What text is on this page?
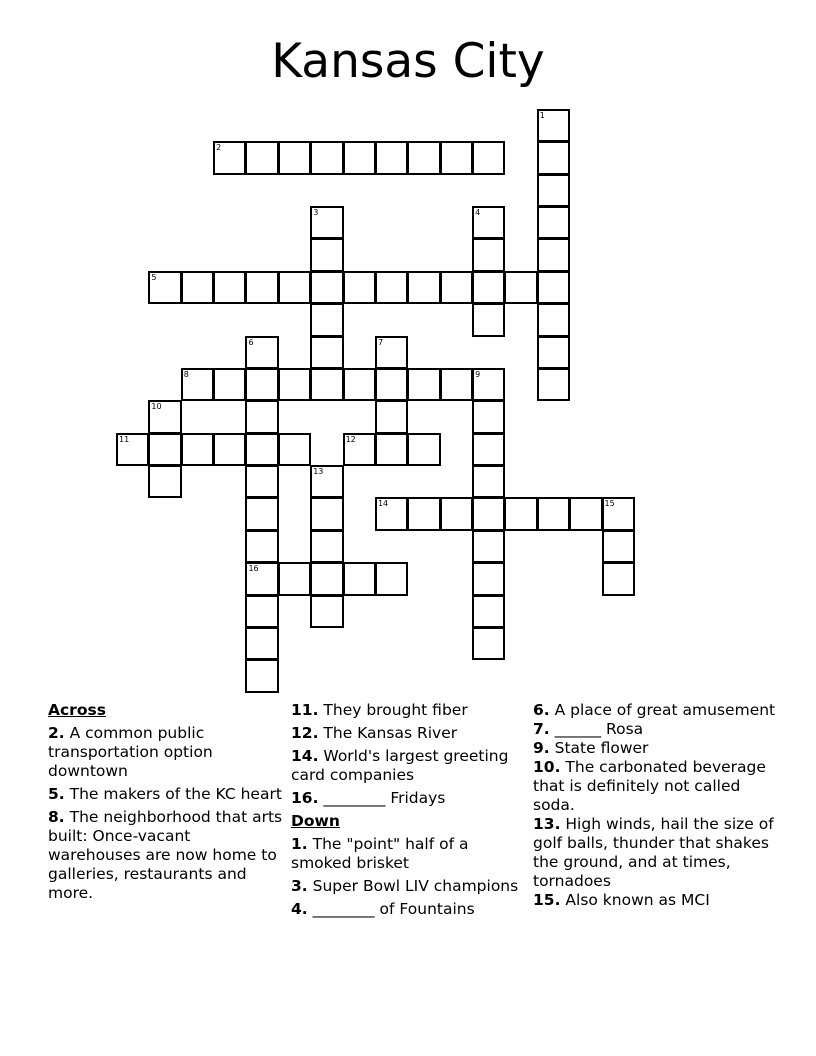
Kansas City
1
2
3	4
5
6
16
7
8	9
10
11	12
13
14	15
Across
2. A common public transportation option downtown
5. The makers of the KC heart
8. The neighborhood that arts built: Once-vacant warehouses are now home to galleries, restaurants and more.
11. They brought fiber
12. The Kansas River
14. World's largest greeting card companies
16. ________ Fridays
Down
1. The "point" half of a smoked brisket
3. Super Bowl LIV champions
4. ________ of Fountains
6. A place of great amusement
7. ______ Rosa
9. State flower
10. The carbonated beverage that is definitely not called soda.
13. High winds, hail the size of golf balls, thunder that shakes the ground, and at times, tornadoes
15. Also known as MCI
